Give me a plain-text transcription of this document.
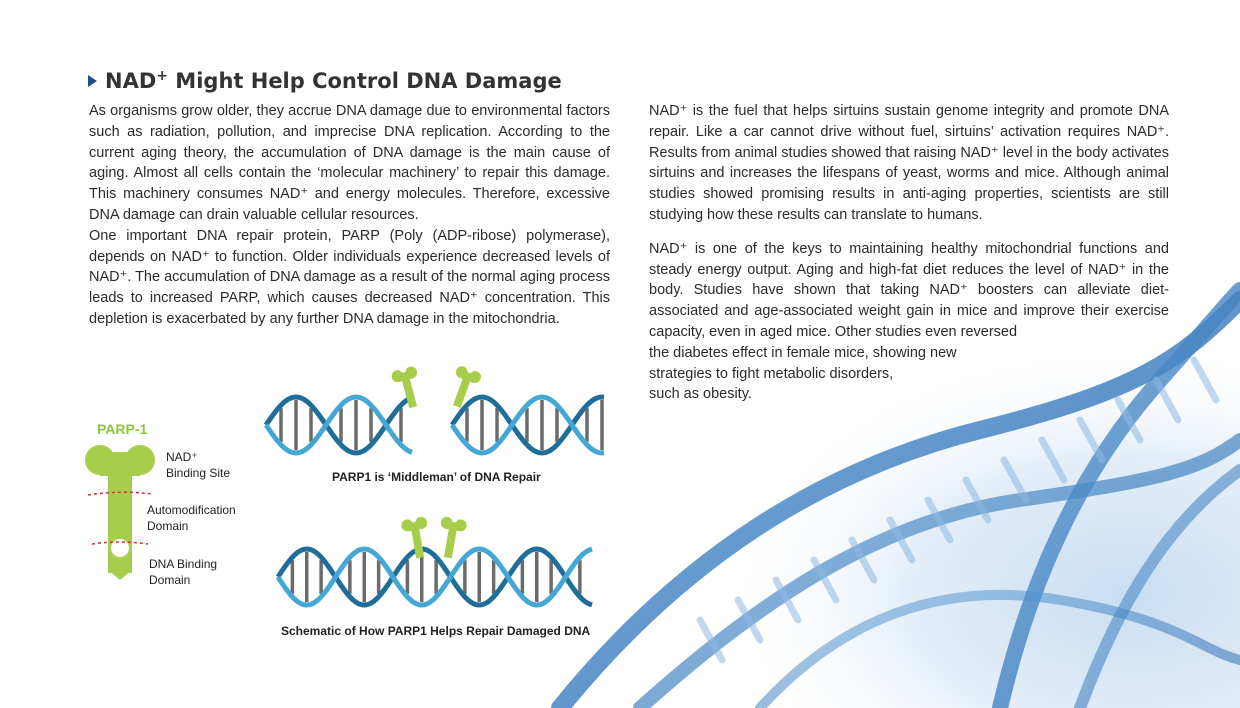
NAD+ Might Help Control DNA Damage

As organisms grow older, they accrue DNA damage due to environmental factors such as radiation, pollution, and imprecise DNA replication. According to the current aging theory, the accumulation of DNA damage is the main cause of aging. Almost all cells contain the ‘molecular machinery’ to repair this damage. This machinery consumes NAD⁺ and energy molecules. Therefore, excessive DNA damage can drain valuable cellular resources.

One important DNA repair protein, PARP (Poly (ADP-ribose) polymerase), depends on NAD⁺ to function. Older individuals experience decreased levels of NAD⁺. The accumulation of DNA damage as a result of the normal aging process leads to increased PARP, which causes decreased NAD⁺ concentration. This depletion is exacerbated by any further DNA damage in the mitochondria.

NAD⁺ is the fuel that helps sirtuins sustain genome integrity and promote DNA repair. Like a car cannot drive without fuel, sirtuins’ activation requires NAD⁺. Results from animal studies showed that raising NAD⁺ level in the body activates sirtuins and increases the lifespans of yeast, worms and mice. Although animal studies showed promising results in anti-aging properties, scientists are still studying how these results can translate to humans.

NAD⁺ is one of the keys to maintaining healthy mitochondrial functions and steady energy output. Aging and high-fat diet reduces the level of NAD⁺ in the body. Studies have shown that taking NAD⁺ boosters can alleviate diet-associated and age-associated weight gain in mice and improve their exercise capacity, even in aged mice. Other studies even reversed

the diabetes effect in female mice, showing new

strategies to fight metabolic disorders,

such as obesity.

PARP-1
NAD⁺
Binding Site
Automodification
Domain
DNA Binding
Domain
PARP1 is ‘Middleman’ of DNA Repair
Schematic of How PARP1 Helps Repair Damaged DNA
